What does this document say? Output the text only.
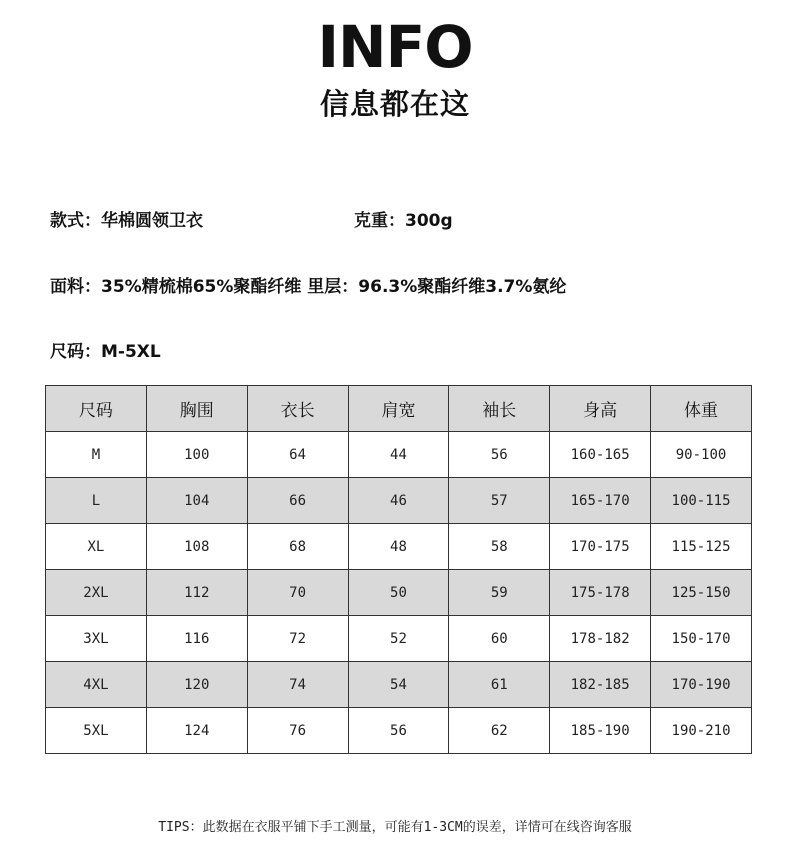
INFO
信息都在这
款式：华棉圆领卫衣	克重：300g
面料：35%精梳棉65%聚酯纤维 里层：96.3%聚酯纤维3.7%氨纶
尺码：M-5XL
尺码	胸围	衣长	肩宽	袖长	身高	体重
M	100	64	44	56	160-165	90-100
L	104	66	46	57	165-170	100-115
XL	108	68	48	58	170-175	115-125
2XL	112	70	50	59	175-178	125-150
3XL	116	72	52	60	178-182	150-170
4XL	120	74	54	61	182-185	170-190
5XL	124	76	56	62	185-190	190-210
TIPS：此数据在衣服平铺下手工测量，可能有1-3CM的误差，详情可在线咨询客服
